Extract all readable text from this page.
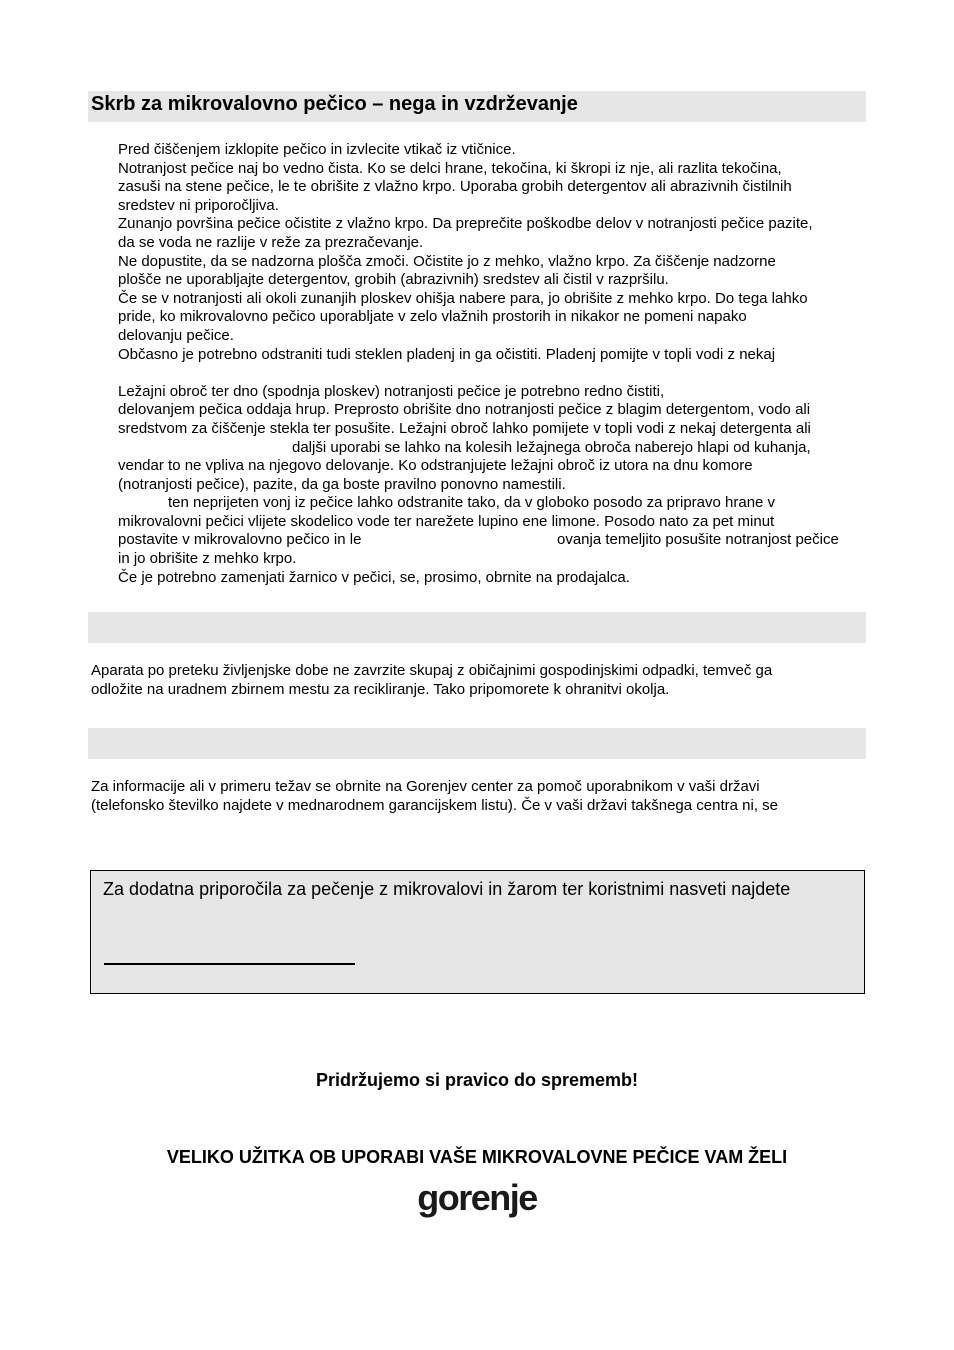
Skrb za mikrovalovno pečico – nega in vzdrževanje
Pred čiščenjem izklopite pečico in izvlecite vtikač iz vtičnice.
Notranjost pečice naj bo vedno čista. Ko se delci hrane, tekočina, ki škropi iz nje, ali razlita tekočina,
zasuši na stene pečice, le te obrišite z vlažno krpo. Uporaba grobih detergentov ali abrazivnih čistilnih
sredstev ni priporočljiva.
Zunanjo površina pečice očistite z vlažno krpo. Da preprečite poškodbe delov v notranjosti pečice pazite,
da se voda ne razlije v reže za prezračevanje.
Ne dopustite, da se nadzorna plošča zmoči. Očistite jo z mehko, vlažno krpo. Za čiščenje nadzorne
plošče ne uporabljajte detergentov, grobih (abrazivnih) sredstev ali čistil v razpršilu.
Če se v notranjosti ali okoli zunanjih ploskev ohišja nabere para, jo obrišite z mehko krpo. Do tega lahko
pride, ko mikrovalovno pečico uporabljate v zelo vlažnih prostorih in nikakor ne pomeni napako
delovanju pečice.
Občasno je potrebno odstraniti tudi steklen pladenj in ga očistiti. Pladenj pomijte v topli vodi z nekaj
Ležajni obroč ter dno (spodnja ploskev) notranjosti pečice je potrebno redno čistiti,
delovanjem pečica oddaja hrup. Preprosto obrišite dno notranjosti pečice z blagim detergentom, vodo ali
sredstvom za čiščenje stekla ter posušite. Ležajni obroč lahko pomijete v topli vodi z nekaj detergenta ali
daljši uporabi se lahko na kolesih ležajnega obroča naberejo hlapi od kuhanja,
vendar to ne vpliva na njegovo delovanje. Ko odstranjujete ležajni obroč iz utora na dnu komore
(notranjosti pečice), pazite, da ga boste pravilno ponovno namestili.
ten neprijeten vonj iz pečice lahko odstranite tako, da v globoko posodo za pripravo hrane v
mikrovalovni pečici vlijete skodelico vode ter narežete lupino ene limone. Posodo nato za pet minut
postavite v mikrovalovno pečico in le	ovanja temeljito posušite notranjost pečice
in jo obrišite z mehko krpo.
Če je potrebno zamenjati žarnico v pečici, se, prosimo, obrnite na prodajalca.
Aparata po preteku življenjske dobe ne zavrzite skupaj z običajnimi gospodinjskimi odpadki, temveč ga
odložite na uradnem zbirnem mestu za recikliranje. Tako pripomorete k ohranitvi okolja.
Za informacije ali v primeru težav se obrnite na Gorenjev center za pomoč uporabnikom v vaši državi
(telefonsko številko najdete v mednarodnem garancijskem listu). Če v vaši državi takšnega centra ni, se
Za dodatna priporočila za pečenje z mikrovalovi in žarom ter koristnimi nasveti najdete
Pridržujemo si pravico do sprememb!
VELIKO UŽITKA OB UPORABI VAŠE MIKROVALOVNE PEČICE VAM ŽELI
gorenje
